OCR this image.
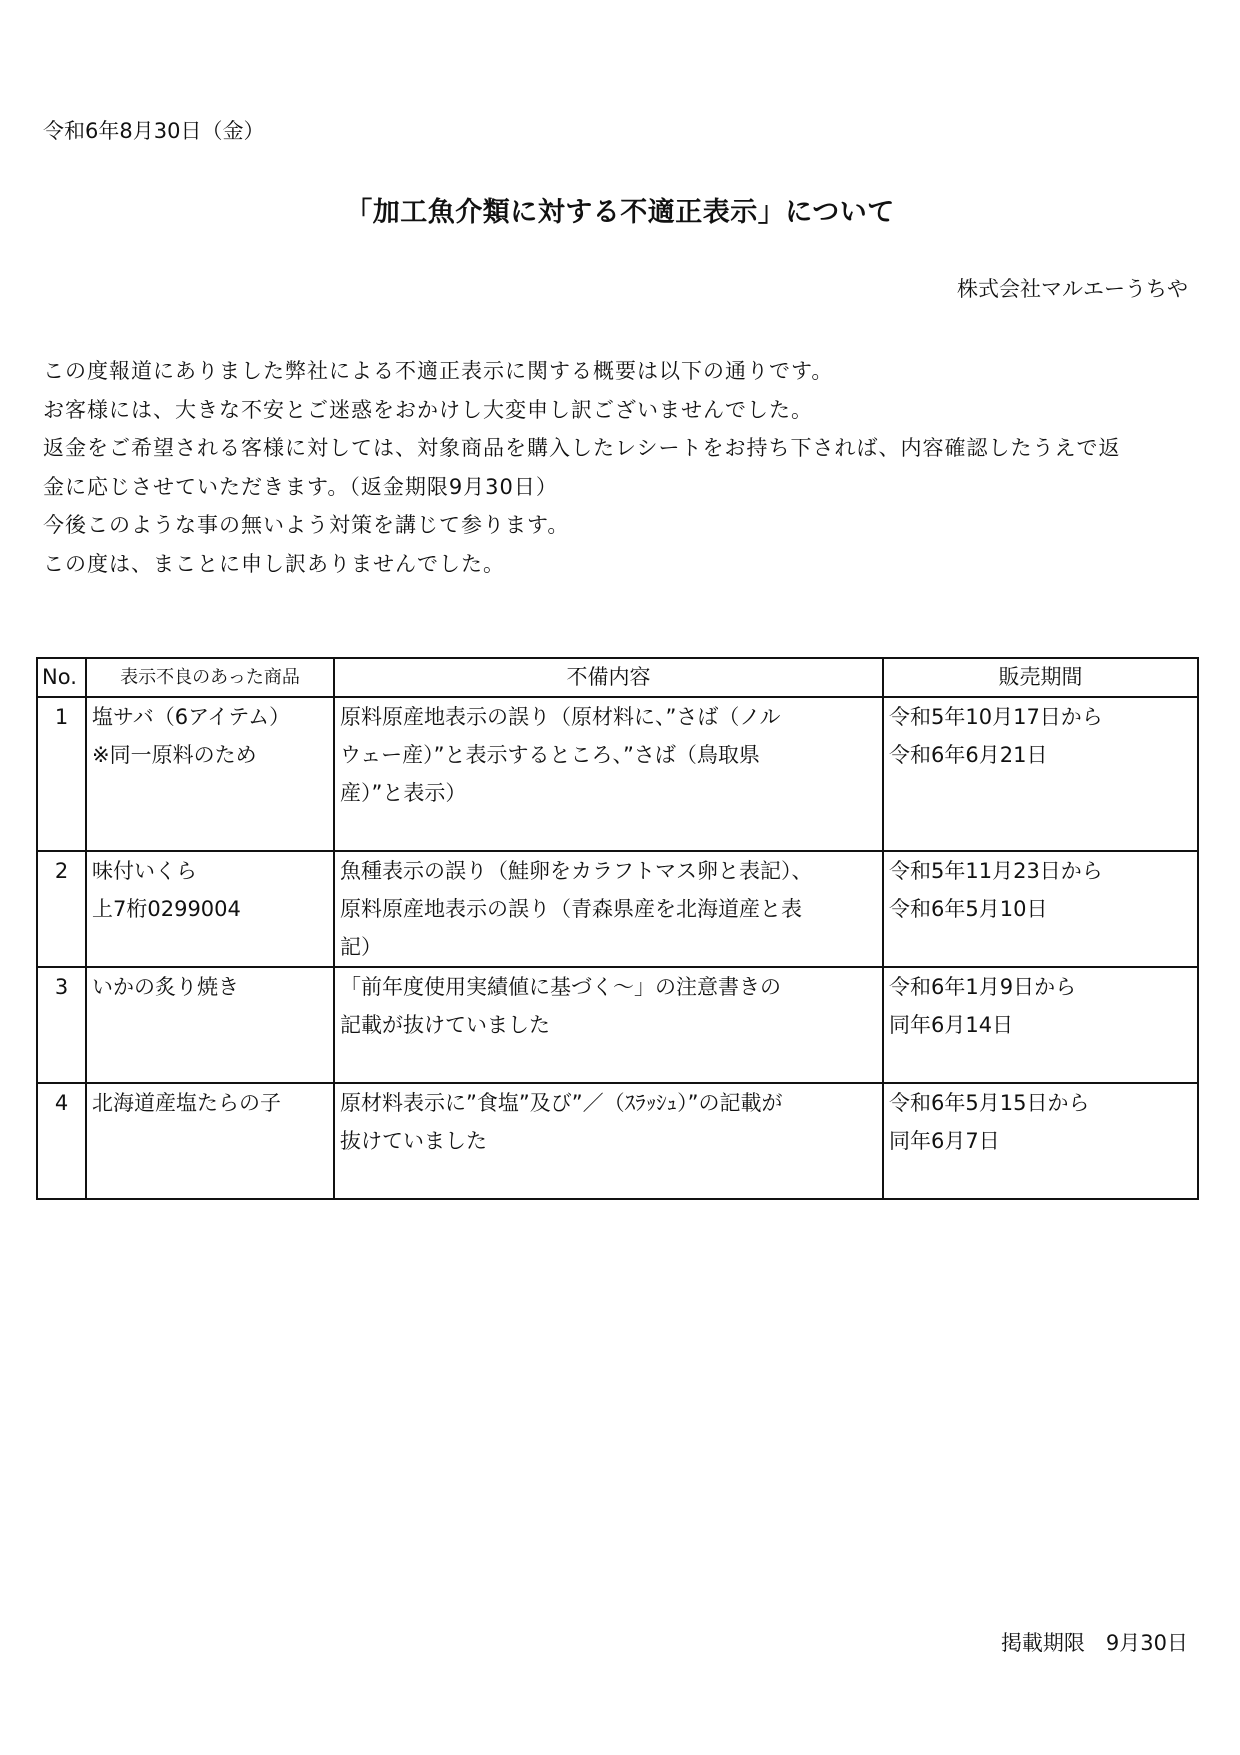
令和6年8月30日（金）
「加工魚介類に対する不適正表示」について
株式会社マルエーうちや

この度報道にありました弊社による不適正表示に関する概要は以下の通りです。

お客様には、大きな不安とご迷惑をおかけし大変申し訳ございませんでした。

返金をご希望される客様に対しては、対象商品を購入したレシートをお持ち下されば、内容確認したうえで返

金に応じさせていただきます。（返金期限9月30日）

今後このような事の無いよう対策を講じて参ります。

この度は、まことに申し訳ありませんでした。

No.	表示不良のあった商品	不備内容	販売期間
1	塩サバ（6アイテム）
※同一原料のため	原料原産地表示の誤り（原材料に、”さば（ノル
ウェー産）”と表示するところ、”さば（鳥取県
産）”と表示）	令和5年10月17日から
令和6年6月21日

2	味付いくら
上7桁0299004	魚種表示の誤り（鮭卵をカラフトマス卵と表記）、
原料原産地表示の誤り（青森県産を北海道産と表
記）	令和5年11月23日から
令和6年5月10日

3	いかの炙り焼き	「前年度使用実績値に基づく～」の注意書きの
記載が抜けていました	令和6年1月9日から
同年6月14日

4	北海道産塩たらの子	原材料表示に”食塩”及び”／（ｽﾗｯｼｭ）”の記載が
抜けていました	令和6年5月15日から
同年6月7日
掲載期限　9月30日
